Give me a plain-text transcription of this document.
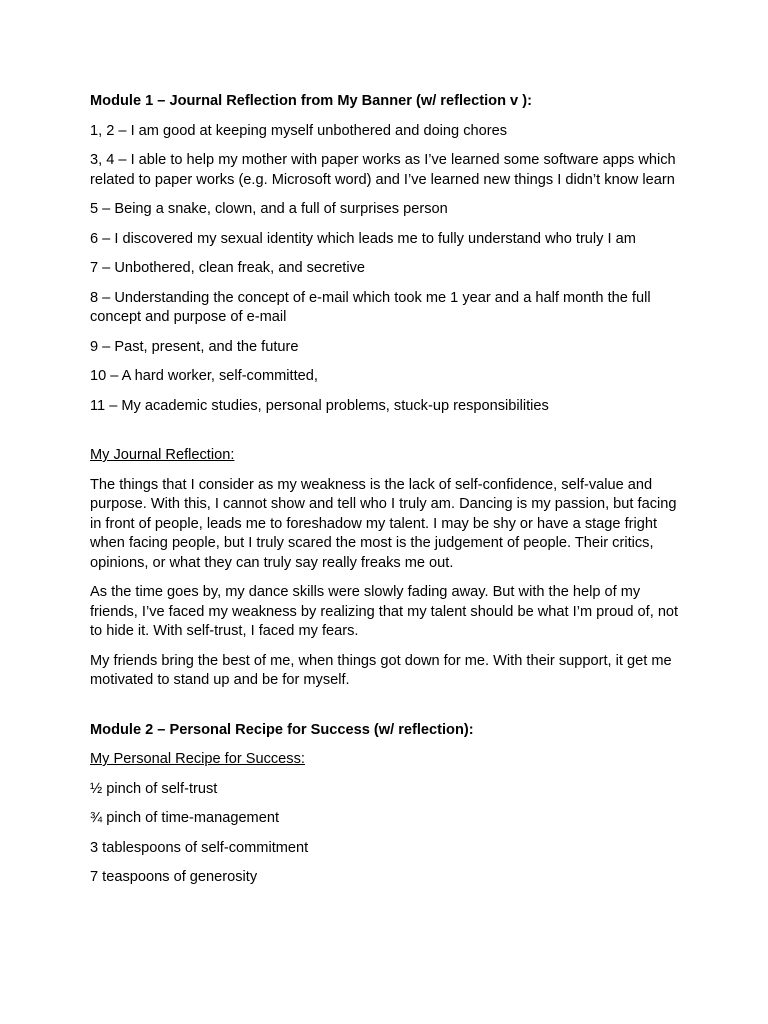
Module 1 – Journal Reflection from My Banner (w/ reflection v ):

1, 2 – I am good at keeping myself unbothered and doing chores

3, 4 – I able to help my mother with paper works as I’ve learned some software apps which related to paper works (e.g. Microsoft word) and I’ve learned new things I didn’t know learn

5 – Being a snake, clown, and a full of surprises person

6 – I discovered my sexual identity which leads me to fully understand who truly I am

7 – Unbothered, clean freak, and secretive

8 – Understanding the concept of e-mail which took me 1 year and a half month the full concept and purpose of e-mail

9 – Past, present, and the future

10 – A hard worker, self-committed,

11 – My academic studies, personal problems, stuck-up responsibilities

My Journal Reflection:

The things that I consider as my weakness is the lack of self-confidence, self-value and purpose. With this, I cannot show and tell who I truly am. Dancing is my passion, but facing in front of people, leads me to foreshadow my talent. I may be shy or have a stage fright when facing people, but I truly scared the most is the judgement of people. Their critics, opinions, or what they can truly say really freaks me out.

As the time goes by, my dance skills were slowly fading away. But with the help of my friends, I’ve faced my weakness by realizing that my talent should be what I’m proud of, not to hide it. With self-trust, I faced my fears.

My friends bring the best of me, when things got down for me. With their support, it get me motivated to stand up and be for myself.

Module 2 – Personal Recipe for Success (w/ reflection):
My Personal Recipe for Success:
½ pinch of self-trust
¾ pinch of time-management
3 tablespoons of self-commitment
7 teaspoons of generosity
